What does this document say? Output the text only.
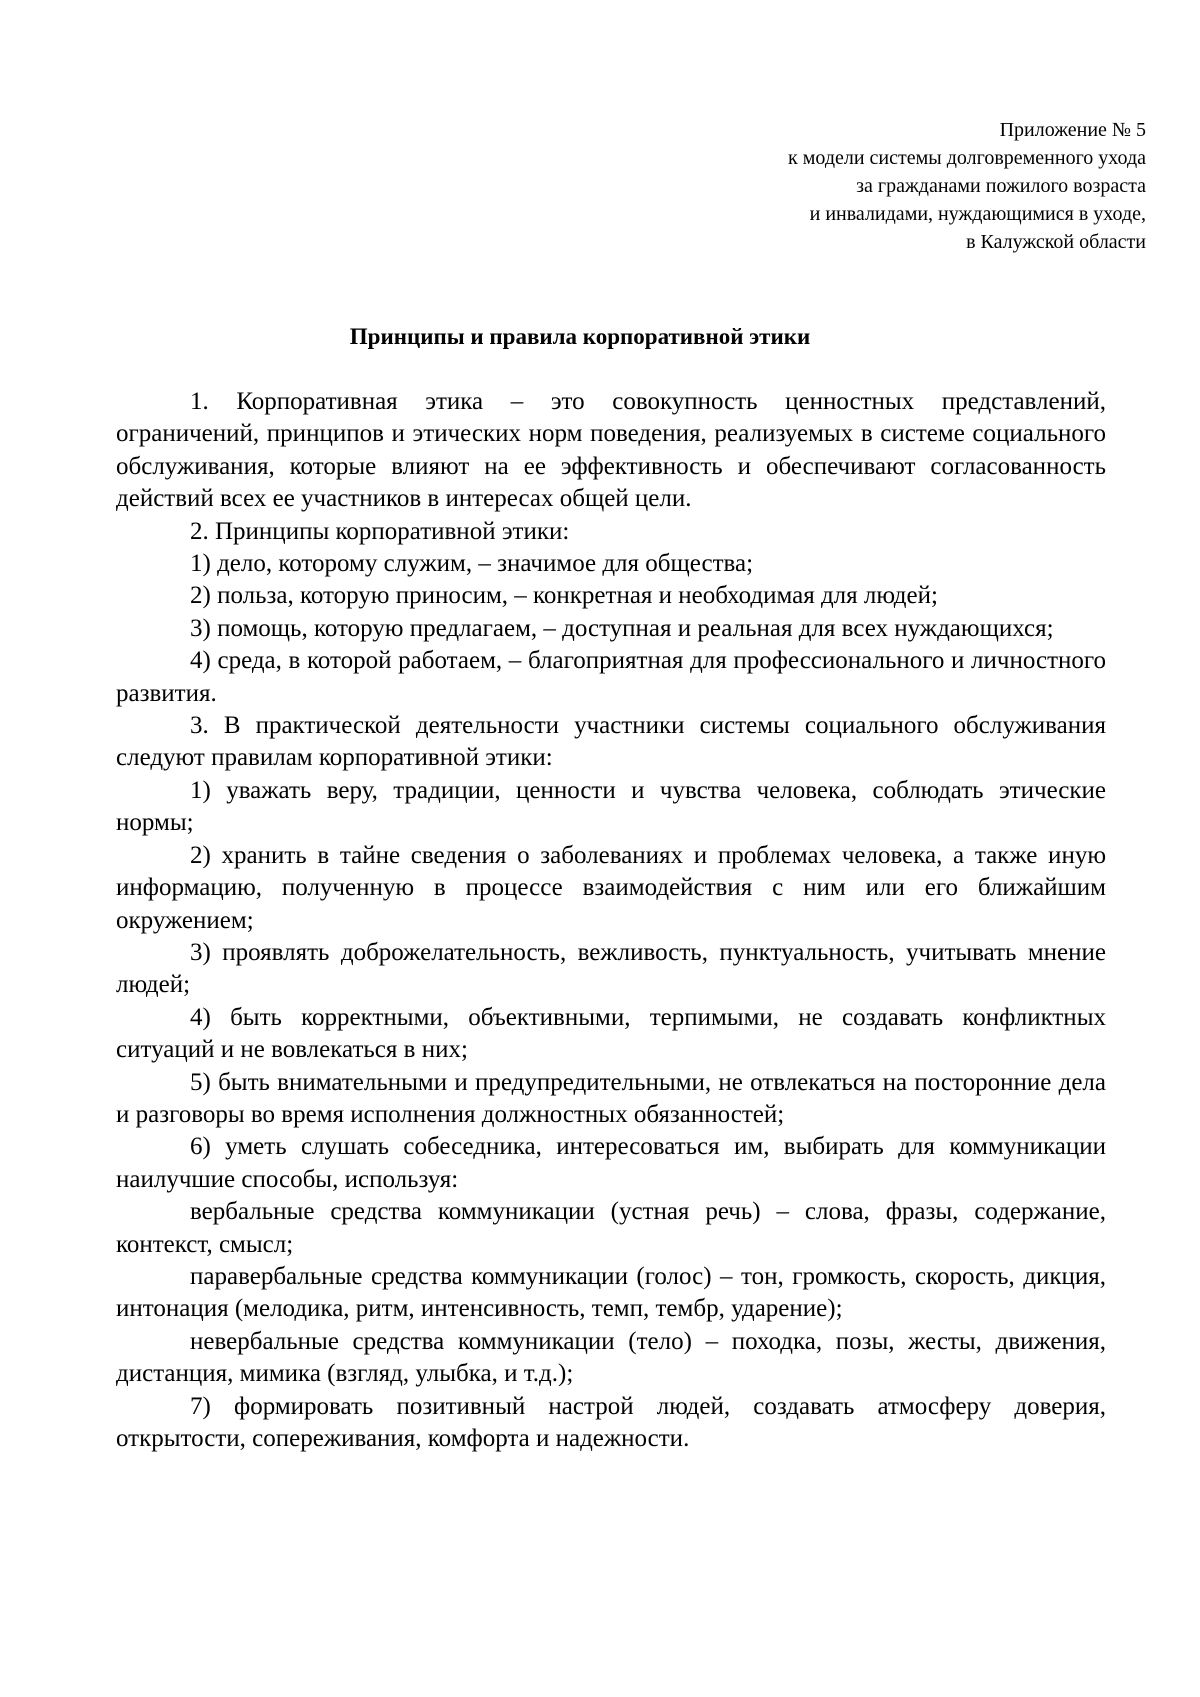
Приложение № 5
к модели системы долговременного ухода
за гражданами пожилого возраста
и инвалидами, нуждающимися в уходе,
в Калужской области
Принципы и правила корпоративной этики

1. Корпоративная этика – это совокупность ценностных представлений, ограничений, принципов и этических норм поведения, реализуемых в системе социального обслуживания, которые влияют на ее эффективность и обеспечивают согласованность действий всех ее участников в интересах общей цели.

2. Принципы корпоративной этики:

1) дело, которому служим, – значимое для общества;

2) польза, которую приносим, – конкретная и необходимая для людей;

3) помощь, которую предлагаем, – доступная и реальная для всех нуждающихся;

4) среда, в которой работаем, – благоприятная для профессионального и личностного развития.

3. В практической деятельности участники системы социального обслуживания следуют правилам корпоративной этики:

1) уважать веру, традиции, ценности и чувства человека, соблюдать этические нормы;

2) хранить в тайне сведения о заболеваниях и проблемах человека, а также иную информацию, полученную в процессе взаимодействия с ним или его ближайшим окружением;

3) проявлять доброжелательность, вежливость, пунктуальность, учитывать мнение людей;

4) быть корректными, объективными, терпимыми, не создавать конфликтных ситуаций и не вовлекаться в них;

5) быть внимательными и предупредительными, не отвлекаться на посторонние дела и разговоры во время исполнения должностных обязанностей;

6) уметь слушать собеседника, интересоваться им, выбирать для коммуникации наилучшие способы, используя:

вербальные средства коммуникации (устная речь) – слова, фразы, содержание, контекст, смысл;

паравербальные средства коммуникации (голос) – тон, громкость, скорость, дикция, интонация (мелодика, ритм, интенсивность, темп, тембр, ударение);

невербальные средства коммуникации (тело) – походка, позы, жесты, движения, дистанция, мимика (взгляд, улыбка, и т.д.);

7) формировать позитивный настрой людей, создавать атмосферу доверия, открытости, сопереживания, комфорта и надежности.
